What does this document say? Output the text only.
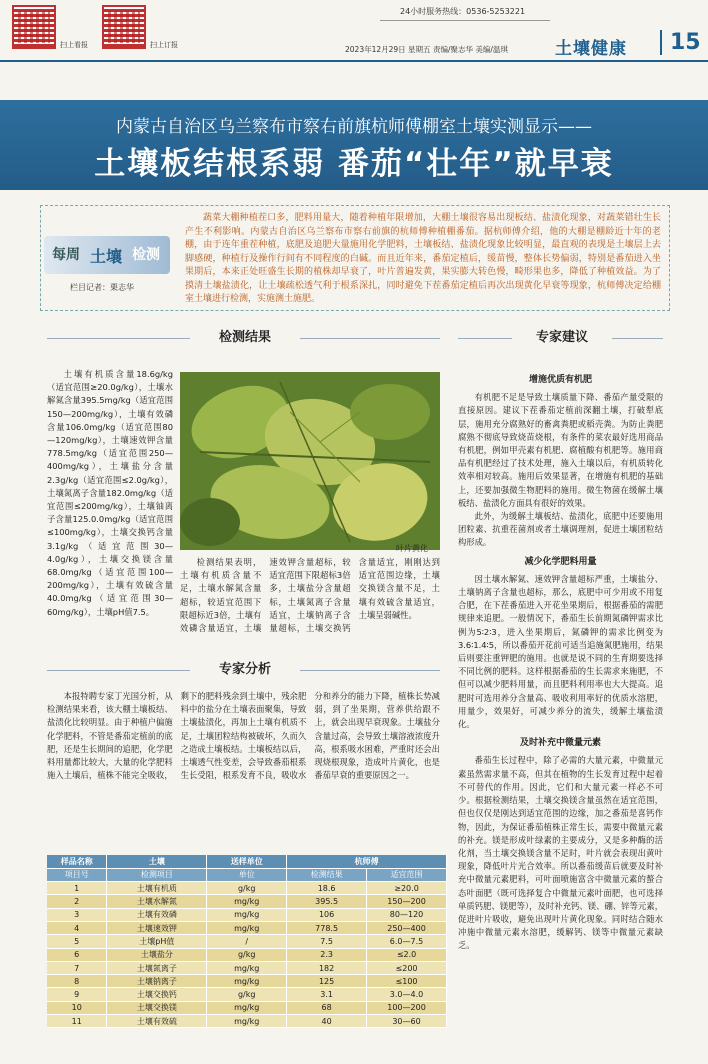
扫上看报	扫上订报
24小时服务热线：0536-5253221
2023年12月29日 星期五 责编/聚志华 美编/温琪	土壤健康	15
内蒙古自治区乌兰察布市察右前旗杭师傅棚室土壤实测显示——
土壤板结根系弱 番茄“壮年”就早衰
每周 土壤 检测
栏目记者：栗志华
蔬菜大棚种植茬口多，肥料用量大，随着种植年限增加，大棚土壤很容易出现板结、盐渍化现象，对蔬菜错壮生长产生不利影响。内蒙古自治区乌兰察布市察右前旗的杭师傅种植棚番茄。据杭师傅介绍，他的大棚是棚龄近十年的老棚，由于连年重茬种植，底肥及追肥大量施用化学肥料，土壤板结、盐渍化现象比较明显，最直观的表现是土壤层上去脚感硬，种植行及操作行间有不同程度的白碱。而且近年来，番茄定植后，缓苗慢，整体长势偏弱，特别是番茄进入坐果期后，本来正处旺盛生长期的植株却早衰了，叶片普遍发黄，果实膨大转色慢，畸形果也多，降低了种植效益。为了摸清土壤盐渍化，让土壤疏松透气利于根系深扎，同时避免下茬番茄定植后再次出现黄化早衰等现象，杭师傅决定给棚室土壤进行检测，实施测土施肥。
检测结果

土壤有机质含量18.6g/kg（适宜范围≥20.0g/kg），土壤水解氮含量395.5mg/kg（适宜范围150—200mg/kg），土壤有效磷含量106.0mg/kg（适宜范围80—120mg/kg），土壤速效钾含量778.5mg/kg（适宜范围250—400mg/kg），土壤盐分含量2.3g/kg（适宜范围≤2.0g/kg），土壤氮离子含量182.0mg/kg（适宜范围≤200mg/kg），土壤铀离子含量125.0.0mg/kg（适宜范围≤100mg/kg），土壤交换钙含量3.1g/kg（适宜范围30—4.0g/kg），土壤交换镁含量68.0mg/kg（适宜范围100—200mg/kg），土壤有效硫含量40.0mg/kg（适宜范围30—60mg/kg），土壤pH值7.5。

叶片黄化

检测结果表明，土壤有机质含量不足，土壤水解氮含量超标，较适宜范围下限超标近3倍，土壤有效磷含量适宜，土壤速效钾含量超标，较适宜范围下限超标3倍多，土壤盐分含量超标，土壤氮离子含量适宜，土壤钠离子含量超标，土壤交换钙含量适宜，刚刚达到适宜范围边缘，土壤交换镁含量不足，土壤有效硫含量适宜，土壤呈弱碱性。

专家分析

本报特聘专家丁光国分析，从检测结果来看，该大棚土壤板结、盐渍化比较明显。由于种植户偏施化学肥料，不管是番茄定植前的底肥，还是生长期间的追肥，化学肥料用量都比较大，大量的化学肥料施入土壤后，植株不能完全吸收，剩下的肥料残余到土壤中，残余肥料中的盐分在土壤表面聚集，导致土壤盐渍化，再加上土壤有机质不足，土壤团粒结构被破坏，久而久之造成土壤板结。土壤板结以后，土壤透气性变差，会导致番茄根系生长受阻，根系发育不良，吸收水分和养分的能力下降，植株长势减弱，到了坐果期，营养供给跟不上，就会出现早衰现象。土壤盐分含量过高，会导致土壤溶液浓度升高，根系吸水困难，严重时还会出现烧根现象，造成叶片黄化，也是番茄早衰的重要原因之一。

样品名称	土壤	送样单位	杭师傅	
项目号	检测项目	单位	检测结果	适宜范围
1	土壤有机质	g/kg	18.6	≥20.0
2	土壤水解氮	mg/kg	395.5	150—200
3	土壤有效磷	mg/kg	106	80—120
4	土壤速效钾	mg/kg	778.5	250—400
5	土壤pH值	/	7.5	6.0—7.5
6	土壤盐分	g/kg	2.3	≤2.0
7	土壤氮离子	mg/kg	182	≤200
8	土壤钠离子	mg/kg	125	≤100
9	土壤交换钙	g/kg	3.1	3.0—4.0
10	土壤交换镁	mg/kg	68	100—200
11	土壤有效硫	mg/kg	40	30—60
专家建议

增施优质有机肥

有机肥不足是导致土壤质量下降、番茄产量受限的直接原因。建议下茬番茄定植前深翻土壤，打破犁底层，施用充分腐熟好的畜禽粪肥或稻壳粪。为防止粪肥腐熟不彻底导致烧苗烧根，有条件的菜农最好选用商品有机肥，例如甲壳素有机肥、腐植酸有机肥等。施用商品有机肥经过了技术处理，施入土壤以后，有机质转化效率相对较高。施用后效果显著，在增施有机肥的基础上，还要加强微生物肥料的施用。微生物菌在缓解土壤板结、盐渍化方面具有很好的效果。

此外，为缓解土壤板结、盐渍化，底肥中还要施用团粒素、抗重茬菌剂或者土壤调理剂，促进土壤团粒结构形成。

减少化学肥料用量

因土壤水解氮、速效钾含量超标严重，土壤盐分、土壤钠离子含量也超标，那么，底肥中可少用或不用复合肥，在下茬番茄进入开花坐果期后，根据番茄的需肥规律来追肥。一般情况下，番茄生长前期氮磷钾需求比例为5∶2∶3，进入坐果期后，氮磷钾的需求比例变为3.6∶1.4∶5，所以番茄开花前可适当追施氮肥施用，结果后则要注重钾肥的施用。也就是说不同的生育期要选择不同比例的肥料。这样根据番茄的生长需求来施肥，不但可以减少肥料用量，而且肥料利用率也大大提高。追肥时可选用养分含量高、吸收利用率好的优质水溶肥，用量少，效果好，可减少养分的流失，缓解土壤盐渍化。

及时补充中微量元素

番茄生长过程中，除了必需的大量元素，中微量元素虽然需求量不高，但其在植物的生长发育过程中起着不可替代的作用。因此，它们和大量元素一样必不可少。根据检测结果，土壤交换镁含量虽然在适宜范围，但也仅仅是刚达到适宜范围的边缘，加之番茄是喜钙作物，因此，为保证番茄植株正常生长，需要中微量元素的补充。镁是形成叶绿素的主要成分，又是多种酶的活化剂，当土壤交换镁含量不足时，叶片就会表现出黄叶现象，降低叶片光合效率。所以番茄缓苗后就要及时补充中微量元素肥料，可叶面喷施富含中微量元素的螯合态叶面肥（既可选择复合中微量元素叶面肥，也可选择单质钙肥、镁肥等），及时补充钙、镁、硼、锌等元素，促进叶片吸收，避免出现叶片黄化现象。同时结合随水冲施中微量元素水溶肥，缓解钙、镁等中微量元素缺乏。
